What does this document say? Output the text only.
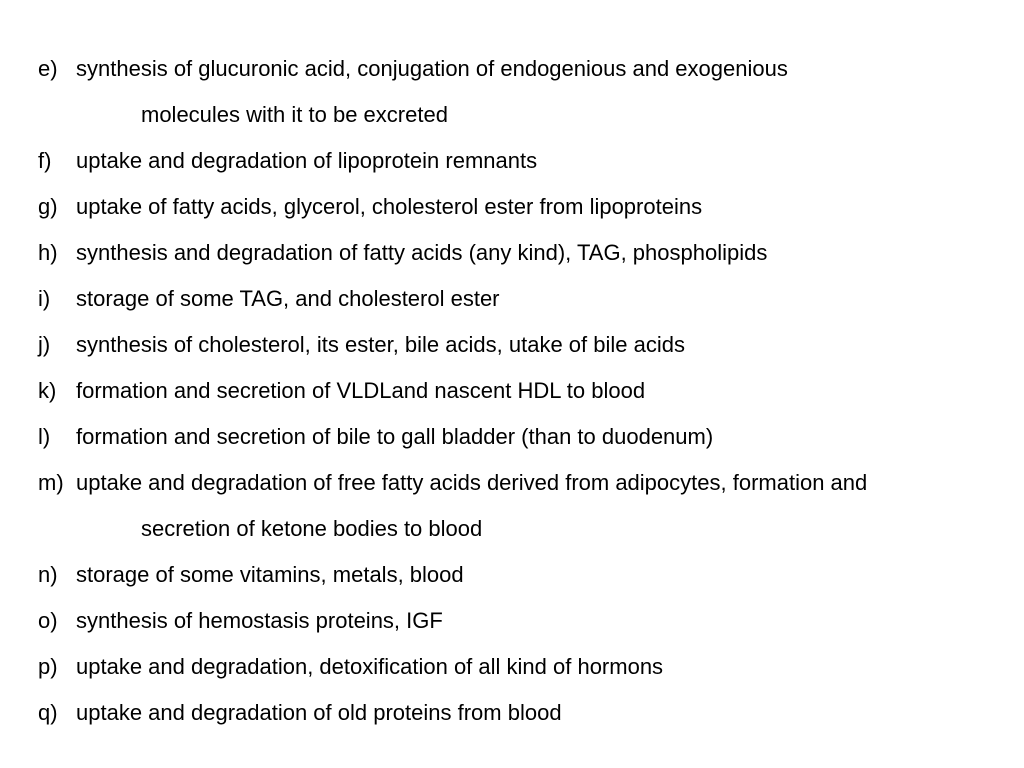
e) synthesis of glucuronic acid, conjugation of endogenious and exogenious
molecules with it to be excreted
f) uptake and degradation of lipoprotein remnants
g) uptake of fatty acids, glycerol, cholesterol ester from lipoproteins
h) synthesis and degradation of fatty acids (any kind), TAG, phospholipids
i) storage of some TAG, and cholesterol ester
j) synthesis of cholesterol, its ester, bile acids, utake of bile acids
k) formation and secretion of VLDLand nascent HDL to blood
l) formation and secretion of bile to gall bladder (than to duodenum)
m) uptake and degradation of free fatty acids derived from adipocytes, formation and
secretion of ketone bodies to blood
n) storage of some vitamins, metals, blood
o) synthesis of hemostasis proteins, IGF
p) uptake and degradation, detoxification of all kind of hormons
q) uptake and degradation of old proteins from blood
